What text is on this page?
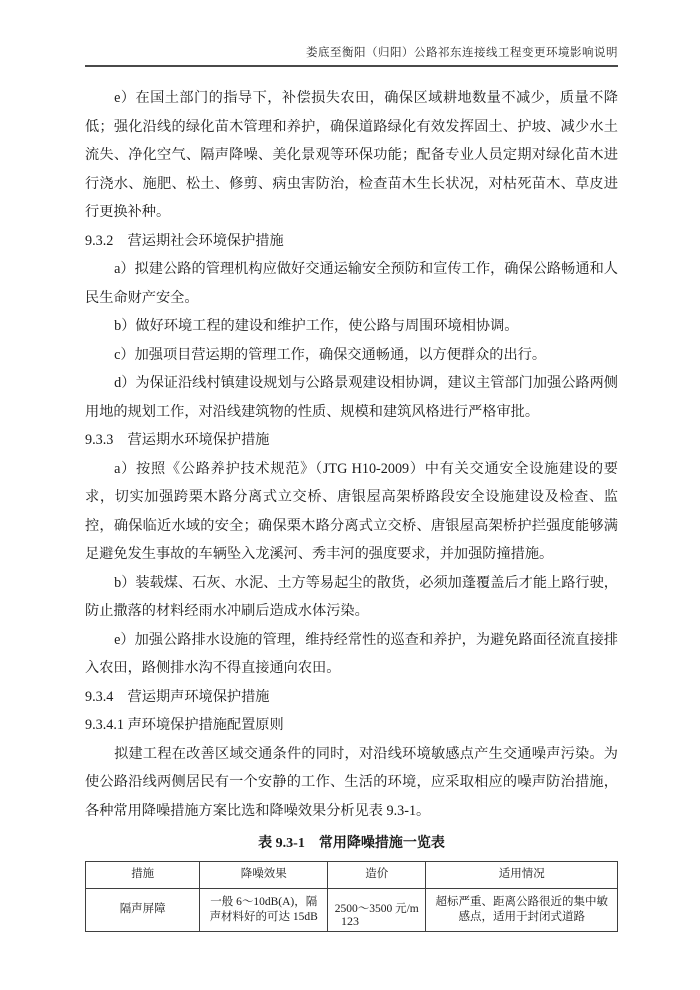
娄底至衡阳（归阳）公路祁东连接线工程变更环境影响说明

e）在国土部门的指导下，补偿损失农田，确保区域耕地数量不减少，质量不降低；强化沿线的绿化苗木管理和养护，确保道路绿化有效发挥固土、护坡、减少水土流失、净化空气、隔声降噪、美化景观等环保功能；配备专业人员定期对绿化苗木进行浇水、施肥、松土、修剪、病虫害防治，检查苗木生长状况，对枯死苗木、草皮进行更换补种。

9.3.2　营运期社会环境保护措施

a）拟建公路的管理机构应做好交通运输安全预防和宣传工作，确保公路畅通和人民生命财产安全。

b）做好环境工程的建设和维护工作，使公路与周围环境相协调。

c）加强项目营运期的管理工作，确保交通畅通，以方便群众的出行。

d）为保证沿线村镇建设规划与公路景观建设相协调，建议主管部门加强公路两侧用地的规划工作，对沿线建筑物的性质、规模和建筑风格进行严格审批。

9.3.3　营运期水环境保护措施

a）按照《公路养护技术规范》（JTG H10-2009）中有关交通安全设施建设的要求，切实加强跨栗木路分离式立交桥、唐银屋高架桥路段安全设施建设及检查、监控，确保临近水域的安全；确保栗木路分离式立交桥、唐银屋高架桥护拦强度能够满足避免发生事故的车辆坠入龙溪河、秀丰河的强度要求，并加强防撞措施。

b）装载煤、石灰、水泥、土方等易起尘的散货，必须加蓬覆盖后才能上路行驶，防止撒落的材料经雨水冲刷后造成水体污染。

e）加强公路排水设施的管理，维持经常性的巡查和养护，为避免路面径流直接排入农田，路侧排水沟不得直接通向农田。

9.3.4　营运期声环境保护措施

9.3.4.1 声环境保护措施配置原则

拟建工程在改善区域交通条件的同时，对沿线环境敏感点产生交通噪声污染。为使公路沿线两侧居民有一个安静的工作、生活的环境，应采取相应的噪声防治措施，各种常用降噪措施方案比选和降噪效果分析见表 9.3-1。

表 9.3-1　常用降噪措施一览表
措施	降噪效果	造价	适用情况
隔声屏障	一般 6～10dB(A)，隔声材料好的可达 15dB	2500～3500 元/m	超标严重、距离公路很近的集中敏感点，适用于封闭式道路
123
